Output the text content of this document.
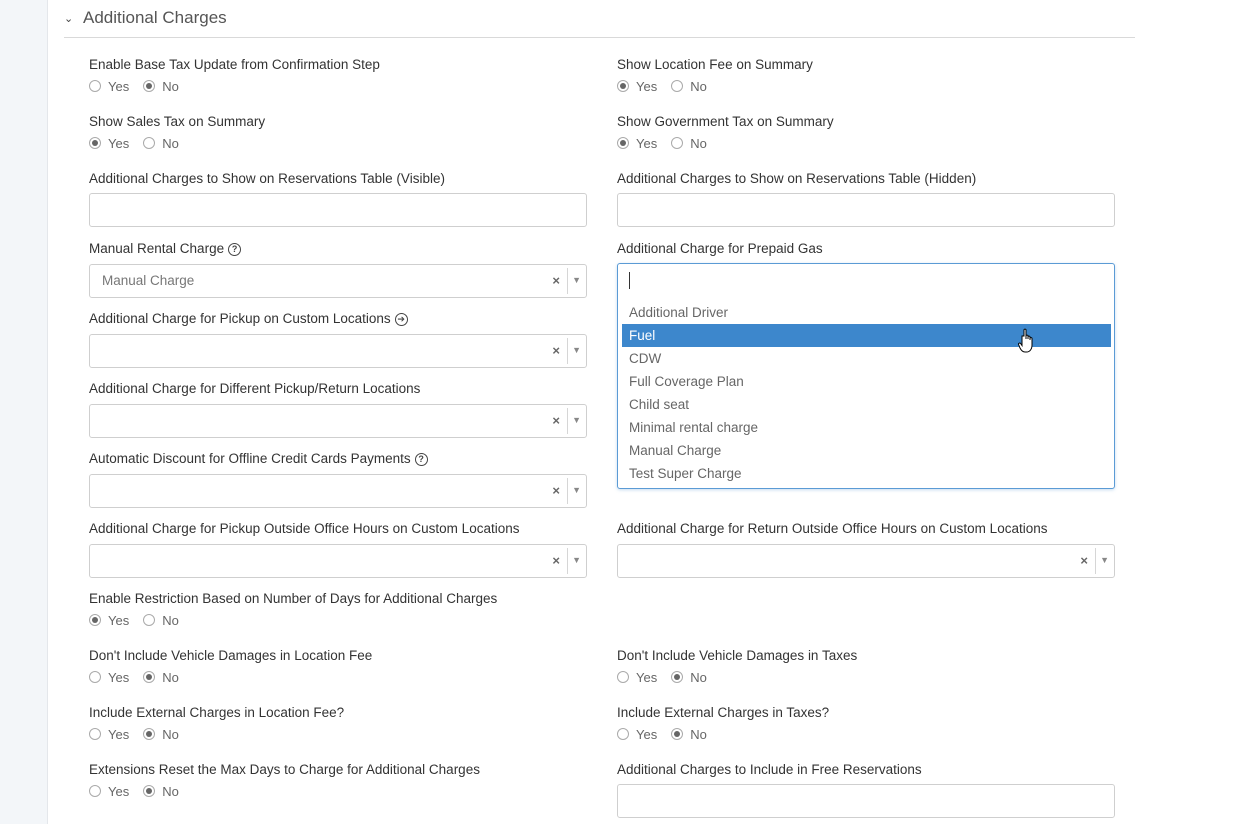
⌄ Additional Charges
Enable Base Tax Update from Confirmation Step
Yes	No
Show Location Fee on Summary
Yes	No
Show Sales Tax on Summary
Yes	No
Show Government Tax on Summary
Yes	No
Additional Charges to Show on Reservations Table (Visible)	Additional Charges to Show on Reservations Table (Hidden)
Manual Rental Charge ?
Manual Charge	× ▼
Additional Charge for Prepaid Gas
Additional Charge for Pickup on Custom Locations ➔
× ▼
Additional Charge for Different Pickup/Return Locations
× ▼
Automatic Discount for Offline Credit Cards Payments ?
× ▼
Additional Charge for Pickup Outside Office Hours on Custom Locations
× ▼
Additional Charge for Return Outside Office Hours on Custom Locations
× ▼
Enable Restriction Based on Number of Days for Additional Charges
Yes	No
Don't Include Vehicle Damages in Location Fee
Yes	No
Don't Include Vehicle Damages in Taxes
Yes	No
Include External Charges in Location Fee?
Yes	No
Include External Charges in Taxes?
Yes	No
Extensions Reset the Max Days to Charge for Additional Charges
Yes	No
Additional Charges to Include in Free Reservations
Additional Driver
Fuel
CDW
Full Coverage Plan
Child seat
Minimal rental charge
Manual Charge
Test Super Charge
